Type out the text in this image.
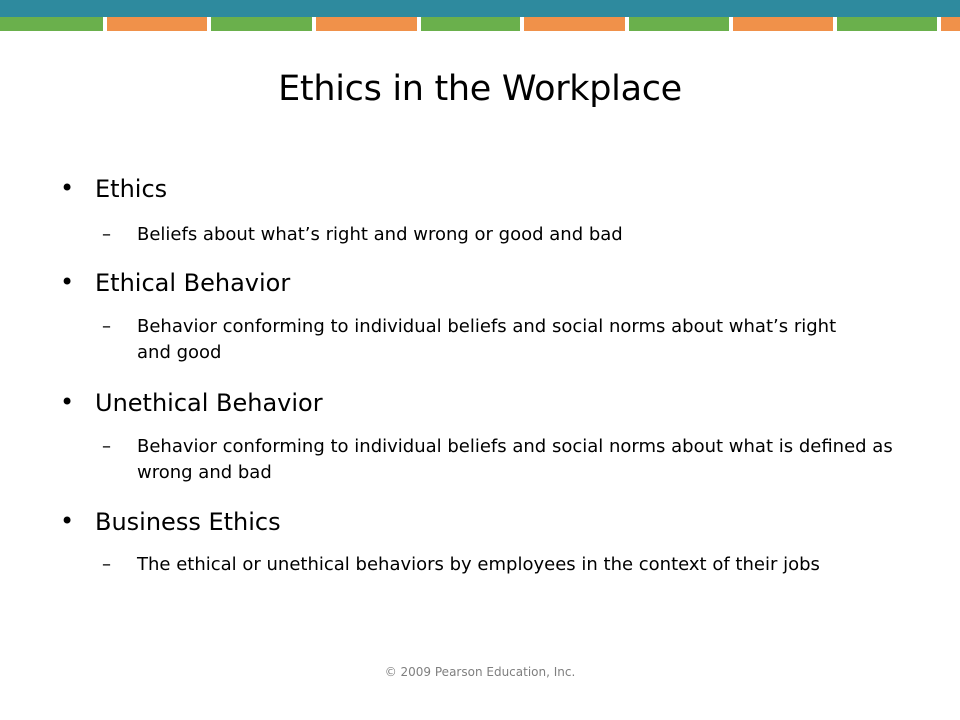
Ethics in the Workplace
• Ethics
– Beliefs about what’s right and wrong or good and bad
• Ethical Behavior
– Behavior conforming to individual beliefs and social norms about what’s right and good
• Unethical Behavior
– Behavior conforming to individual beliefs and social norms about what is defined as wrong and bad
• Business Ethics
– The ethical or unethical behaviors by employees in the context of their jobs
© 2009 Pearson Education, Inc.
